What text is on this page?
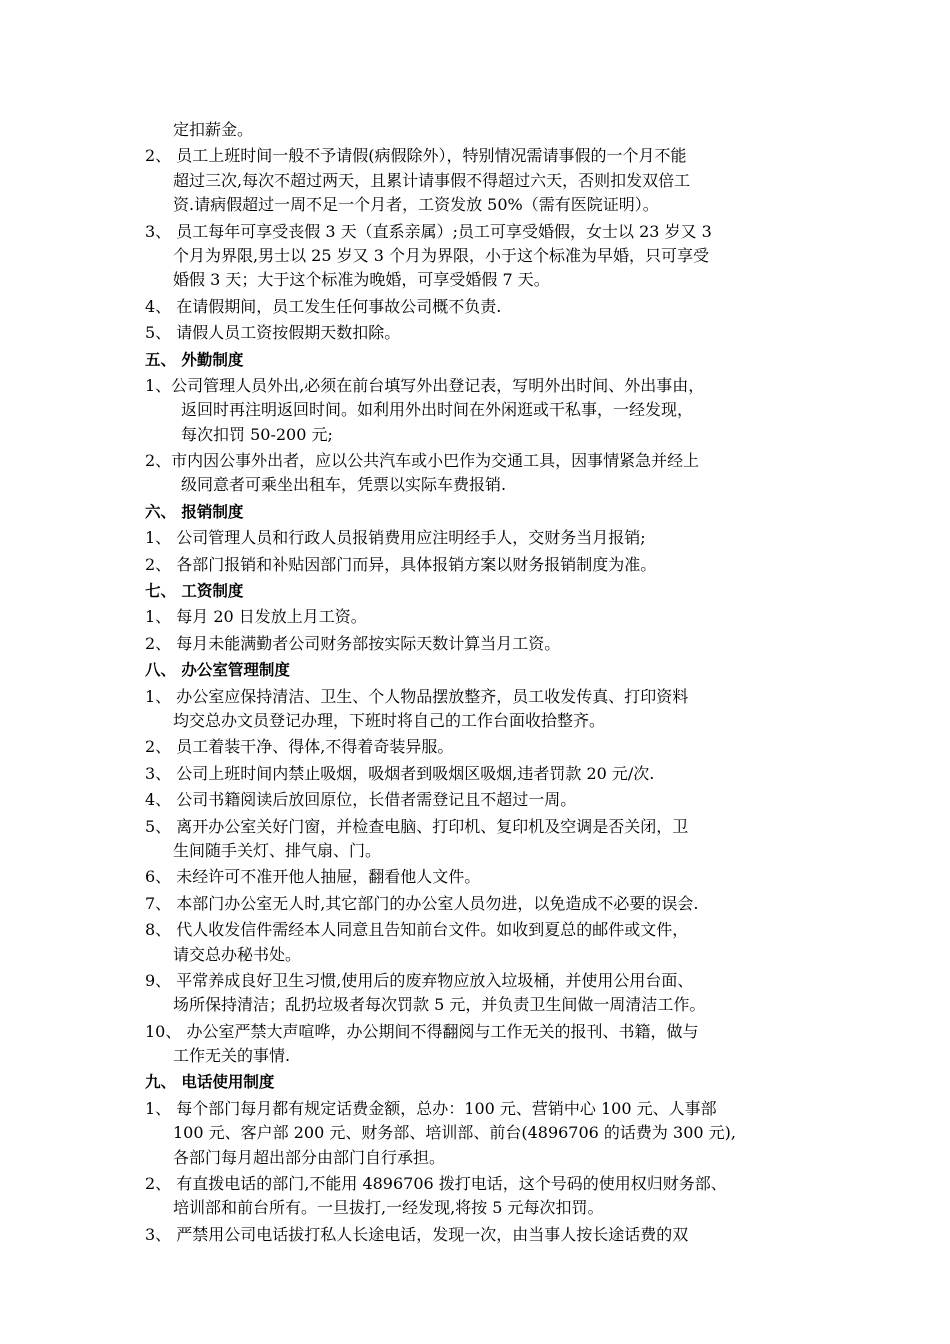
定扣薪金。
2、 员工上班时间一般不予请假(病假除外），特别情况需请事假的一个月不能
超过三次,每次不超过两天，且累计请事假不得超过六天，否则扣发双倍工
资.请病假超过一周不足一个月者，工资发放 50%（需有医院证明）。
3、 员工每年可享受丧假 3 天（直系亲属）;员工可享受婚假，女士以 23 岁又 3
个月为界限,男士以 25 岁又 3 个月为界限，小于这个标准为早婚，只可享受
婚假 3 天；大于这个标准为晚婚，可享受婚假 7 天。
4、 在请假期间，员工发生任何事故公司概不负责.
5、 请假人员工资按假期天数扣除。
五、 外勤制度
1、公司管理人员外出,必须在前台填写外出登记表，写明外出时间、外出事由，
返回时再注明返回时间。如利用外出时间在外闲逛或干私事，一经发现，
每次扣罚 50-200 元;
2、市内因公事外出者，应以公共汽车或小巴作为交通工具，因事情紧急并经上
级同意者可乘坐出租车，凭票以实际车费报销.
六、 报销制度
1、 公司管理人员和行政人员报销费用应注明经手人，交财务当月报销;
2、 各部门报销和补贴因部门而异，具体报销方案以财务报销制度为准。
七、 工资制度
1、 每月 20 日发放上月工资。
2、 每月未能满勤者公司财务部按实际天数计算当月工资。
八、 办公室管理制度
1、 办公室应保持清洁、卫生、个人物品摆放整齐，员工收发传真、打印资料
均交总办文员登记办理，下班时将自己的工作台面收拾整齐。
2、 员工着装干净、得体,不得着奇装异服。
3、 公司上班时间内禁止吸烟，吸烟者到吸烟区吸烟,违者罚款 20 元/次.
4、 公司书籍阅读后放回原位，长借者需登记且不超过一周。
5、 离开办公室关好门窗，并检查电脑、打印机、复印机及空调是否关闭，卫
生间随手关灯、排气扇、门。
6、 未经许可不准开他人抽屉，翻看他人文件。
7、 本部门办公室无人时,其它部门的办公室人员勿进，以免造成不必要的误会.
8、 代人收发信件需经本人同意且告知前台文件。如收到夏总的邮件或文件，
请交总办秘书处。
9、 平常养成良好卫生习惯,使用后的废弃物应放入垃圾桶，并使用公用台面、
场所保持清洁；乱扔垃圾者每次罚款 5 元，并负责卫生间做一周清洁工作。
10、 办公室严禁大声喧哗，办公期间不得翻阅与工作无关的报刊、书籍，做与
工作无关的事情.
九、 电话使用制度
1、 每个部门每月都有规定话费金额，总办：100 元、营销中心 100 元、人事部
100 元、客户部 200 元、财务部、培训部、前台(4896706 的话费为 300 元),
各部门每月超出部分由部门自行承担。
2、 有直拨电话的部门,不能用 4896706 拨打电话，这个号码的使用权归财务部、
培训部和前台所有。一旦拔打,一经发现,将按 5 元每次扣罚。
3、 严禁用公司电话拔打私人长途电话，发现一次，由当事人按长途话费的双
